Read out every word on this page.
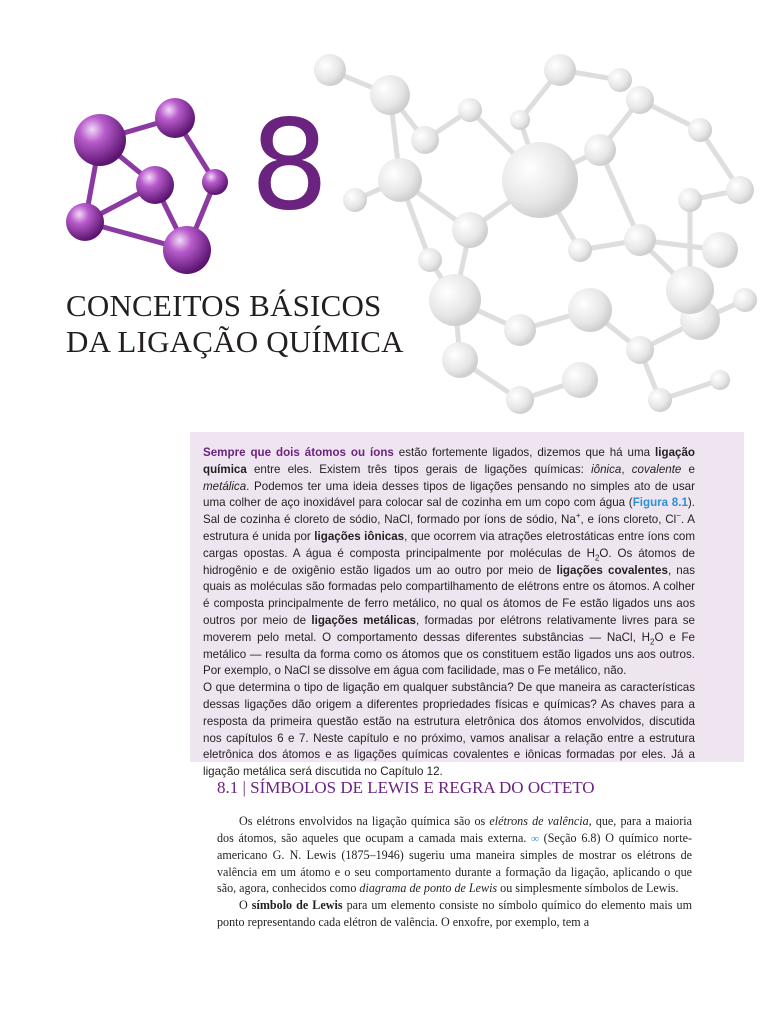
8
CONCEITOS BÁSICOS
DA LIGAÇÃO QUÍMICA

Sempre que dois átomos ou íons estão fortemente ligados, dizemos que há uma ligação química entre eles. Existem três tipos gerais de ligações químicas: iônica, covalente e metálica. Podemos ter uma ideia desses tipos de ligações pensando no simples ato de usar uma colher de aço inoxidável para colocar sal de cozinha em um copo com água (Figura 8.1). Sal de cozinha é cloreto de sódio, NaCl, formado por íons de sódio, Na+, e íons cloreto, Cl−. A estrutura é unida por ligações iônicas, que ocorrem via atrações eletrostáticas entre íons com cargas opostas. A água é composta principalmente por moléculas de $H_2O$. Os átomos de hidrogênio e de oxigênio estão ligados um ao outro por meio de ligações covalentes, nas quais as moléculas são formadas pelo compartilhamento de elétrons entre os átomos. A colher é composta principalmente de ferro metálico, no qual os átomos de Fe estão ligados uns aos outros por meio de ligações metálicas, formadas por elétrons relativamente livres para se moverem pelo metal. O comportamento dessas diferentes substâncias — NaCl, $H_2O$ e Fe metálico — resulta da forma como os átomos que os constituem estão ligados uns aos outros. Por exemplo, o NaCl se dissolve em água com facilidade, mas o Fe metálico, não.

O que determina o tipo de ligação em qualquer substância? De que maneira as características dessas ligações dão origem a diferentes propriedades físicas e químicas? As chaves para a resposta da primeira questão estão na estrutura eletrônica dos átomos envolvidos, discutida nos capítulos 6 e 7. Neste capítulo e no próximo, vamos analisar a relação entre a estrutura eletrônica dos átomos e as ligações químicas covalentes e iônicas formadas por eles. Já a ligação metálica será discutida no Capítulo 12.

8.1 | SÍMBOLOS DE LEWIS E REGRA DO OCTETO

Os elétrons envolvidos na ligação química são os elétrons de valência, que, para a maioria dos átomos, são aqueles que ocupam a camada mais externa. ∞ (Seção 6.8) O químico norte-americano G. N. Lewis (1875–1946) sugeriu uma maneira simples de mostrar os elétrons de valência em um átomo e o seu comportamento durante a formação da ligação, aplicando o que são, agora, conhecidos como diagrama de ponto de Lewis ou simplesmente símbolos de Lewis.

O símbolo de Lewis para um elemento consiste no símbolo químico do elemento mais um ponto representando cada elétron de valência. O enxofre, por exemplo, tem a
